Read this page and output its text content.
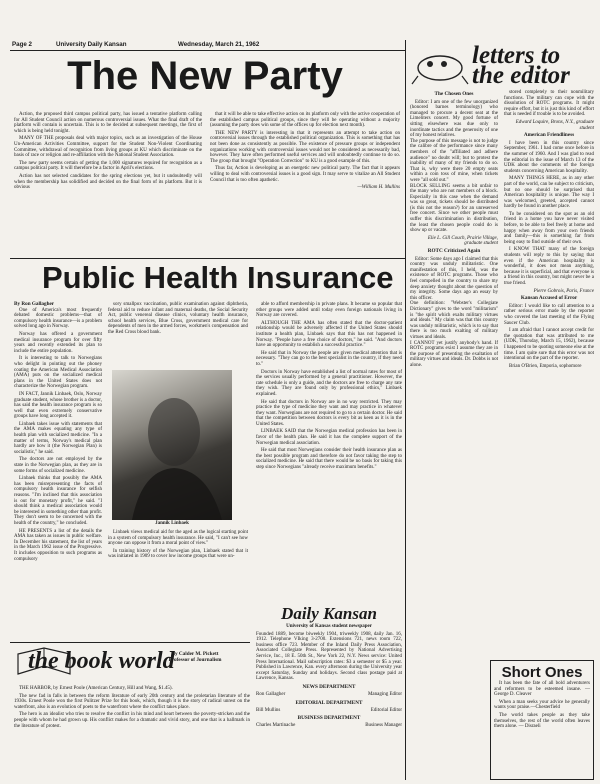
Page 2	University Daily Kansan	Wednesday, March 21, 1962
The New Party

Action, the proposed third campus political party, has issued a tentative platform calling for All Student Council action on numerous controversial issues. What the final draft of the platform will contain is uncertain. This is to be decided at subsequent meetings, the first of which is being held tonight.

MANY OF THE proposals deal with major topics, such as an investigation of the House Un-American Activities Committee, support for the Student Non-Violent Coordinating Committee, withdrawal of recognition from living groups at KU which discriminate on the basis of race or religion and re-affiliation with the National Student Association.

The new party seems certain of getting the 1,000 signatures required for recognition as a campus political party. It will therefore be a factor in April's elections.

Action has not selected candidates for the spring elections yet, but it undoubtedly will when the membership has solidified and decided on the final form of its platform. But it is obvious

that it will be able to take effective action on its platform only with the active cooperation of the established campus political groups, since they will be operating without a majority (assuming the party does win some of the offices up for election next month).

THE NEW PARTY is interesting in that it represents an attempt to take action on controversial issues through the established political organization. This is something that has not been done as consistently as possible. The existence of pressure groups or independent organizations working with controversial issues would not be considered as necessarily bad, however. They have often performed useful services and will undoubtedly continue to do so. The group that brought "Operation Correction" to KU is a good example of this.

Thus far, Action is developing as an energetic new political party. The fact that it appears willing to deal with controversial issues is a good sign. It may serve to vitalize an All Student Council that is too often apathetic.

—William H. Mullins
Public Health Insurance
By Ron Gallagher

One of America's most frequently debated domestic problems—that of compulsory health insurance—is a problem solved long ago in Norway.

Norway has offered a government medical insurance program for over fifty years and recently extended its plan to include the entire population.

It is interesting to talk to Norwegians who delight in pointing out the phoney coating the American Medical Association (AMA) puts on the socialized medical plans in the United States does not characterize the Norwegian program.

IN FACT, Jannik Linbaek, Oslo, Norway graduate student, whose brother is a doctor, has said the health insurance program is so well that even extremely conservative groups have long accepted it.

Linbaek takes issue with statements that the AMA makes equating any type of health plan with socialized medicine. "In a matter of terms, Norway's medical plan hardly are how it (the Norwegian Plan) is socialistic," he said.

The doctors are not employed by the state in the Norwegian plan, as they are in some forms of socialized medicine.

Linbaek thinks that possibly the AMA has been misrepresenting the facts of compulsory health insurance for selfish reasons. "I'm inclined that this association is out for monetary profit," he said. "I should think a medical association would be interested in something other than profit. They don't seem to be concerned with the health of the country," he concluded.

HE PRESENTS a list of the details the AMA has taken as issues in public welfare. In December his statement, the list of years in the March 1962 issue of the Progressive. It includes opposition to such programs as compulsory

sory smallpox vaccination, public examination against diphtheria, federal aid to reduce infant and maternal deaths, the Social Security Act, public venereal disease clinics, voluntary health insurance, school health services, Blue Cross, government medical care for dependents of men in the armed forces, workmen's compensation and the Red Cross blood bank.

Jannik Linbaek

Linbaek views medical aid for the aged as the logical starting point in a system of compulsory health insurance. He said, "I can't see how anyone can oppose it from a moral point of view."

In training history of the Norwegian plan, Linbaek stated that it was initiated in 1909 to cover low income groups that were un-

able to afford membership in private plans. It became so popular that other groups were added until today even foreign nationals living in Norway are covered.

ALTHOUGH THE AMA has often stated that the doctor-patient relationship would be adversely affected if the United States should institute a health plan, Linbaek says that this has not happened in Norway. "People have a free choice of doctors," he said. "And doctors have an opportunity to establish a successful practice."

He said that in Norway the people are given medical attention that is necessary. "They can go to the best specialist in the country, if they need to."

Doctors in Norway have established a list of normal rates for most of the services usually performed by a general practitioner. However, the rate schedule is only a guide, and the doctors are free to charge any rate they wish. They are found only by professional ethics," Linbaek explained.

He said that doctors in Norway are in no way restricted. They may practice the type of medicine they want and may practice in whatever they want. Norwegians are not required to go to a certain doctor. He said that the competition between doctors is every bit as keen as it is in the United States.

LINBAEK SAID that the Norwegian medical profession has been in favor of the health plan. He said it has the complete support of the Norwegian medical association.

He said that most Norwegians consider their health insurance plan as the best possible program and therefore do not favor taking the step to socialized medicine. He said that there would be no basis for taking this step since Norwegians "already receive maximum benefits."

the book world
By Calder M. Pickett
Professor of Journalism

THE HARBOR, by Ernest Poole (American Century, Hill and Wang, $1.45).

The new fad in falls in between the reform literature of early 20th century and the proletarian literature of the 1930s. Ernest Poole won the first Pulitzer Prize for this book, which, though it is the story of radical unrest on the waterfront, also is an evolution of poets to the waterfront where the conflict takes place.

The hero is an idealist who tries to resolve the conflict in his mind and heart between the poverty-stricken and the people with whom he had grown up. His conflict makes for a dramatic and vivid story, and one that is a hallmark in the literature of protest.

Daily Kansan
University of Kansas student newspaper
Founded 1889, become biweekly 1904, triweekly 1908, daily Jan. 16, 1912. Telephone VIking 3-2700. Extensions 721, news room 722, business office 723. Member of the Inland Daily Press Association, Associated Collegiate Press. Represented by National Advertising Service, Inc., 18 E. 50th St., New York 22, N.Y. News service: United Press International. Mail subscription rates: $3 a semester or $5 a year. Published in Lawrence, Kan. every afternoon during the University year except Saturday, Sunday and holidays. Second class postage paid at Lawrence, Kansas.
NEWS DEPARTMENT
Ron Gallagher	Managing Editor
EDITORIAL DEPARTMENT
Bill Mullins	Editorial Editor
BUSINESS DEPARTMENT
Charles Martinache	Business Manager
letters to the editor
The Chosen Ones

Editor: I am one of the few unorganized (honored barnes terminology) who managed to procure a decent seat at the Limeliters concert. My good fortune of sitting elsewhere was due only to inordinate tactics and the generosity of one of my honest relatives.
The purpose of this message is not to judge the calibre of the performance since many members of the "affiliated and adhere audience" no doubt will; but to protest the inability of many of my friends to do so. That is, why were there 20 empty seats within a coin toss of mine, when tickets were "all sold out."
BLOCK SELLING seems a bit unfair to the many who are not members of a block. Especially in this case when the demand was so great, tickets should be distributed (is this not the reason?) for an unreserved free concert. Since we other people must suffer this discrimination in distribution, the least the chosen people could do is show up or vacate.

Elie L. Gill Couch, Prairie Village, graduate student
ROTC Criticized Again

Editor: Some days ago I claimed that this country was unduly militaristic. One manifestation of this, I held, was the existence of ROTC programs. Those who feel compelled in the country to share my deep anxiety thought about the question of my integrity. Some days ago an essay by this officer.
One definition: "Webster's Collegiate Dictionary" gives to the word "militarism" is "the spirit which exalts military virtues and ideals." My claim was that this country was unduly militaristic, which is to say that there is too much exalting of military virtues and ideals.
I CANNOT yet justify anybody's hand. If ROTC programs exist I assume they are in the purpose of presenting the exaltation of military virtues and ideals. Dr. Dobbs is not alone.

stored completely to their nonmilitary functions. The military can cope with the dissolution of ROTC programs. It might require effort, but it is just this kind of effort that is needed if trouble is to be avoided.

Edward Loquire, Bronx, N.Y., graduate student
American Friendliness

I have been in this country since September, 1961. I had come once before in the summer of 1960. And I was glad to read the editorial in the issue of March 13 of the UDK about the comments of the foreign students concerning American hospitality.

MANY THINGS HERE, as in any other part of the world, can be subject to criticism, but no one should be surprised that American hospitality is unique. The way I was welcomed, greeted, accepted cannot hardly be found in another place.

To be considered on the spot as an old friend in a home you have never visited before, to be able to feel freely at home and happy when away from your own friends and family—this is something far from being easy to find outside of their own.

I KNOW THAT many of the foreign students will reply to this by saying that even if the American hospitality is wonderful, it does not mean anything, because it is superficial, and that everyone is a friend in this country, but might never be a true friend.

Pierre Gobrois, Paris, France
Kansan Accused of Error

Editor: I would like to call attention to a rather serious error made by the reporter who covered the last meeting of the Flying Saucer Club.

I am afraid that I cannot accept credit for the quotation that was attributed to me (UDK, Thursday, March 15, 1962), because I happened to be quoting someone else at the time. I am quite sure that this error was not intentional on the part of the reporter.

Brian O'Brien, Emporia, sophomore

Short Ones

It has been the fate of all bold adventurers and reformers to be esteemed insane. — George D. Cleaver

When a man seeks your advice he generally wants your praise.—Chesterfield

The world takes people as they take themselves, the rest of the world often leaves them alone. — Disraeli
